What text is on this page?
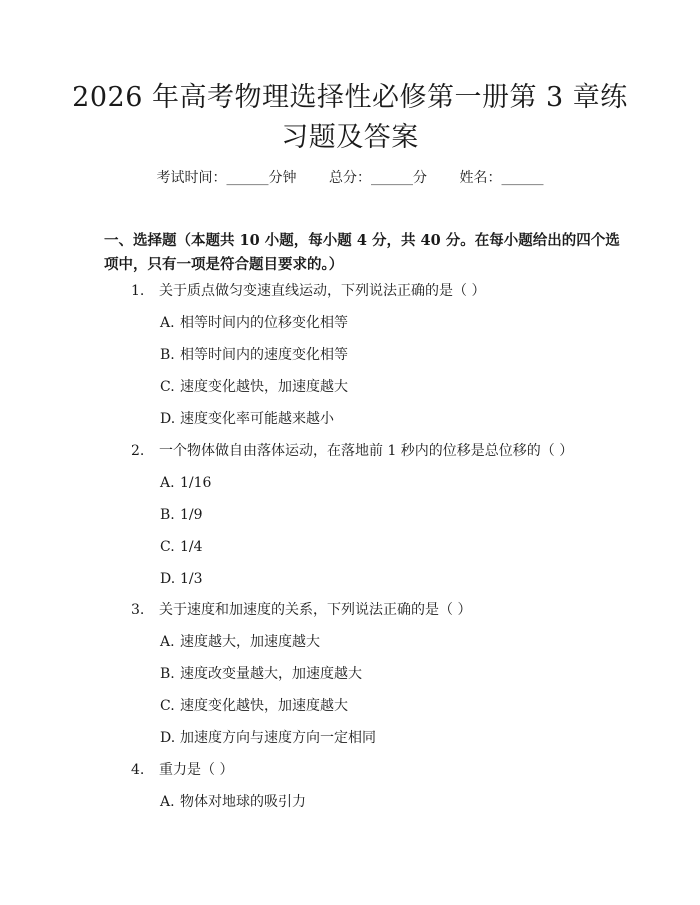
2026 年高考物理选择性必修第一册第 3 章练
习题及答案
考试时间：______分钟 总分：______分 姓名：______

一、选择题（本题共 10 小题，每小题 4 分，共 40 分。在每小题给出的四个选项中，只有一项是符合题目要求的。）

1. 关于质点做匀变速直线运动，下列说法正确的是（ ）
A. 相等时间内的位移变化相等
B. 相等时间内的速度变化相等
C. 速度变化越快，加速度越大
D. 速度变化率可能越来越小
2. 一个物体做自由落体运动，在落地前 1 秒内的位移是总位移的（ ）
A. 1/16
B. 1/9
C. 1/4
D. 1/3
3. 关于速度和加速度的关系，下列说法正确的是（ ）
A. 速度越大，加速度越大
B. 速度改变量越大，加速度越大
C. 速度变化越快，加速度越大
D. 加速度方向与速度方向一定相同
4. 重力是（ ）
A. 物体对地球的吸引力
